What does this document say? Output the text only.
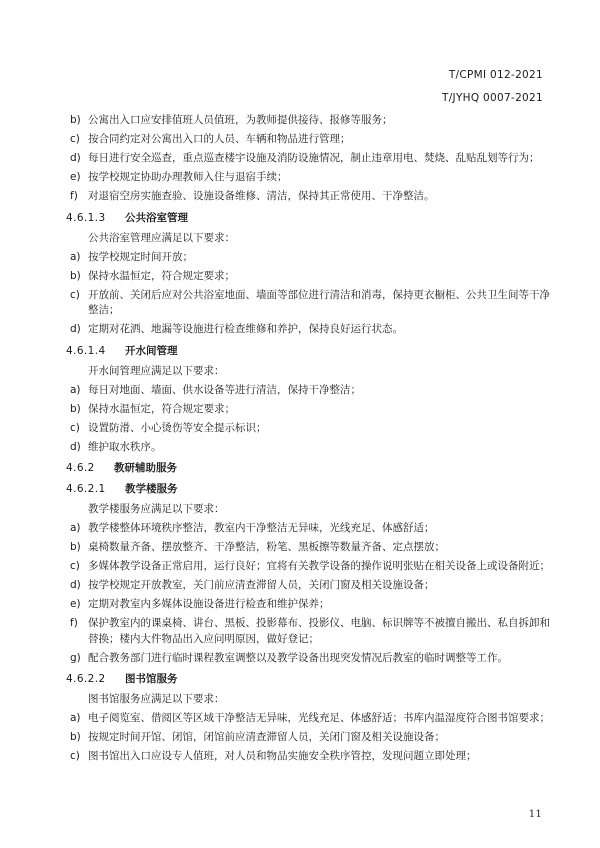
T/CPMI 012-2021
T/JYHQ 0007-2021
b) 公寓出入口应安排值班人员值班，为教师提供接待、报修等服务；
c) 按合同约定对公寓出入口的人员、车辆和物品进行管理；
d) 每日进行安全巡查，重点巡查楼宇设施及消防设施情况，制止违章用电、焚烧、乱贴乱划等行为；
e) 按学校规定协助办理教师入住与退宿手续；
f) 对退宿空房实施查验、设施设备维修、清洁，保持其正常使用、干净整洁。
4.6.1.3 公共浴室管理
公共浴室管理应满足以下要求：
a) 按学校规定时间开放；
b) 保持水温恒定，符合规定要求；
c) 开放前、关闭后应对公共浴室地面、墙面等部位进行清洁和消毒，保持更衣橱柜、公共卫生间等干净整洁；
d) 定期对花洒、地漏等设施进行检查维修和养护，保持良好运行状态。
4.6.1.4 开水间管理
开水间管理应满足以下要求：
a) 每日对地面、墙面、供水设备等进行清洁，保持干净整洁；
b) 保持水温恒定，符合规定要求；
c) 设置防滑、小心烫伤等安全提示标识；
d) 维护取水秩序。
4.6.2 教研辅助服务
4.6.2.1 教学楼服务
教学楼服务应满足以下要求：
a) 教学楼整体环境秩序整洁，教室内干净整洁无异味，光线充足、体感舒适；
b) 桌椅数量齐备、摆放整齐、干净整洁，粉笔、黑板擦等数量齐备、定点摆放；
c) 多媒体教学设备正常启用，运行良好；宜将有关教学设备的操作说明张贴在相关设备上或设备附近；
d) 按学校规定开放教室，关门前应清查滞留人员，关闭门窗及相关设施设备；
e) 定期对教室内多媒体设施设备进行检查和维护保养；
f) 保护教室内的课桌椅、讲台、黑板、投影幕布、投影仪、电脑、标识牌等不被擅自搬出、私自拆卸和替换；楼内大件物品出入应问明原因，做好登记；
g) 配合教务部门进行临时课程教室调整以及教学设备出现突发情况后教室的临时调整等工作。
4.6.2.2 图书馆服务
图书馆服务应满足以下要求：
a) 电子阅览室、借阅区等区域干净整洁无异味，光线充足、体感舒适；书库内温湿度符合图书馆要求；
b) 按规定时间开馆、闭馆，闭馆前应清查滞留人员，关闭门窗及相关设施设备；
c) 图书馆出入口应设专人值班，对人员和物品实施安全秩序管控，发现问题立即处理；
11
